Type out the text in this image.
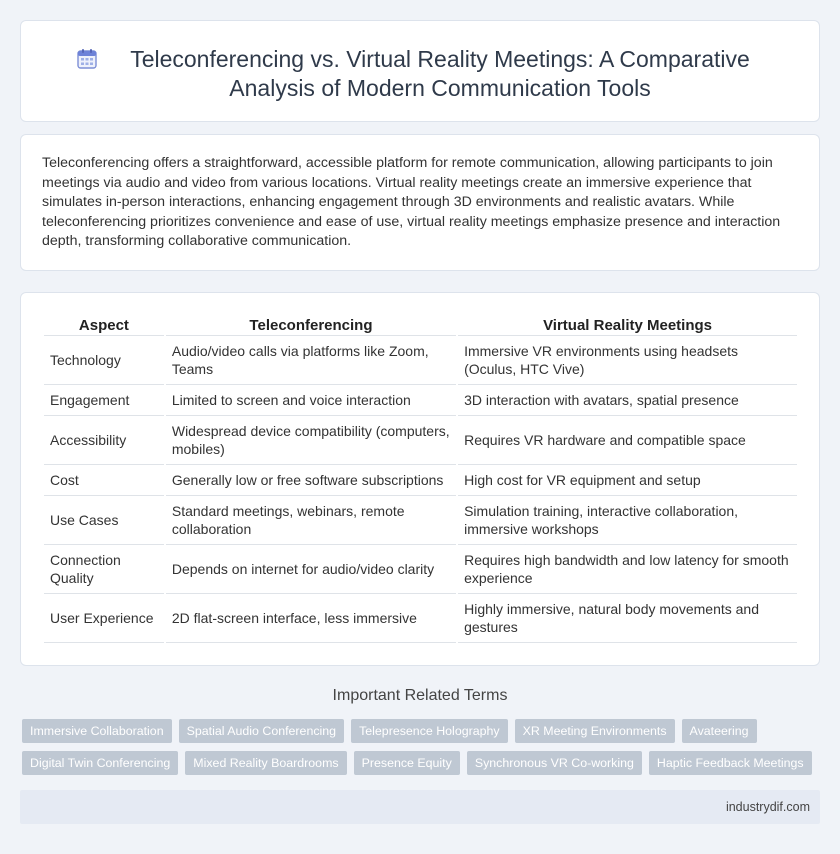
Teleconferencing vs. Virtual Reality Meetings: A Comparative Analysis of Modern Communication Tools

Teleconferencing offers a straightforward, accessible platform for remote communication, allowing participants to join meetings via audio and video from various locations. Virtual reality meetings create an immersive experience that simulates in-person interactions, enhancing engagement through 3D environments and realistic avatars. While teleconferencing prioritizes convenience and ease of use, virtual reality meetings emphasize presence and interaction depth, transforming collaborative communication.

Aspect	Teleconferencing	Virtual Reality Meetings
Technology	Audio/video calls via platforms like Zoom, Teams	Immersive VR environments using headsets (Oculus, HTC Vive)
Engagement	Limited to screen and voice interaction	3D interaction with avatars, spatial presence
Accessibility	Widespread device compatibility (computers, mobiles)	Requires VR hardware and compatible space
Cost	Generally low or free software subscriptions	High cost for VR equipment and setup
Use Cases	Standard meetings, webinars, remote collaboration	Simulation training, interactive collaboration, immersive workshops
Connection Quality	Depends on internet for audio/video clarity	Requires high bandwidth and low latency for smooth experience
User Experience	2D flat-screen interface, less immersive	Highly immersive, natural body movements and gestures
Important Related Terms
Immersive Collaboration	Spatial Audio Conferencing	Telepresence Holography	XR Meeting Environments	Avateering
Digital Twin Conferencing	Mixed Reality Boardrooms	Presence Equity	Synchronous VR Co-working	Haptic Feedback Meetings
industrydif.com
